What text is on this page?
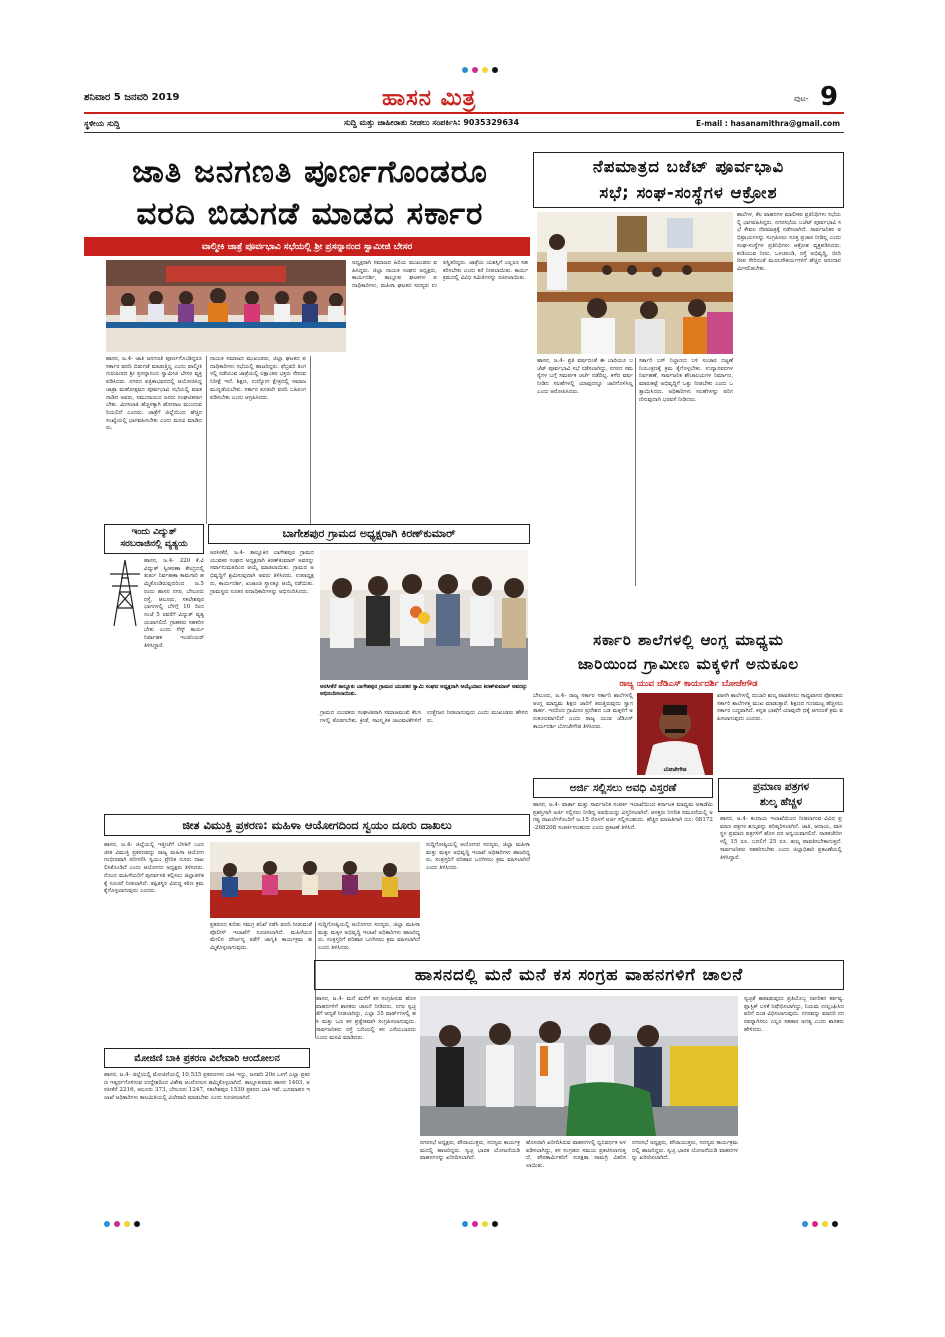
ಶನಿವಾರ 5 ಜನವರಿ 2019	ಹಾಸನ ಮಿತ್ರ	ಪುಟ- 9
ಸ್ಥಳೀಯ ಸುದ್ದಿ	ಸುದ್ದಿ ಮತ್ತು ಜಾಹೀರಾತು ನೀಡಲು ಸಂಪರ್ಕಿಸಿ: 9035329634	E-mail : hasanamithra@gmail.com
ಜಾತಿ ಜನಗಣತಿ ಪೂರ್ಣಗೊಂಡರೂ
ವರದಿ ಬಿಡುಗಡೆ ಮಾಡದ ಸರ್ಕಾರ
ವಾಲ್ಮೀಕಿ ಜಾತ್ರೆ ಪೂರ್ವಭಾವಿ ಸಭೆಯಲ್ಲಿ ಶ್ರೀ ಪ್ರಸನ್ನಾನಂದ ಸ್ವಾಮೀಜಿ ಬೇಸರ
ಹಾಸನ, ಜ.4- ಜಾತಿ ಜನಗಣತಿ ಪೂರ್ಣಗೊಂಡಿದ್ದರೂ ಸರ್ಕಾರ ವರದಿ ಬಿಡುಗಡೆ ಮಾಡುತ್ತಿಲ್ಲ ಎಂದು ವಾಲ್ಮೀಕಿ ಗುರುಪೀಠದ ಶ್ರೀ ಪ್ರಸನ್ನಾನಂದ ಸ್ವಾಮೀಜಿ ಬೇಸರ ವ್ಯಕ್ತಪಡಿಸಿದರು. ನಗರದ ಪತ್ರಿಕಾಭವನದಲ್ಲಿ ಆಯೋಜಿಸಿದ್ದ ಜಾತ್ರಾ ಮಹೋತ್ಸವದ ಪೂರ್ವಭಾವಿ ಸಭೆಯಲ್ಲಿ ಮಾತನಾಡಿದ ಅವರು, ಸಮುದಾಯದ ಜನರು ಸಂಘಟಿತರಾಗಬೇಕು. ಮೀಸಲಾತಿ ಹೆಚ್ಚಳಕ್ಕಾಗಿ ಹೋರಾಟ ಮುಂದುವರಿಯಲಿದೆ ಎಂದರು. ಜಾತ್ರೆಗೆ ಜಿಲ್ಲೆಯಿಂದ ಹೆಚ್ಚಿನ ಸಂಖ್ಯೆಯಲ್ಲಿ ಭಾಗವಹಿಸಬೇಕು ಎಂದು ಮನವಿ ಮಾಡಿದರು.
ನಾಯಕ ಸಮಾಜದ ಮುಖಂಡರು, ಜಿಲ್ಲಾ ಘಟಕದ ಪದಾಧಿಕಾರಿಗಳು ಸಭೆಯಲ್ಲಿ ಹಾಜರಿದ್ದರು. ಫೆಬ್ರವರಿ ತಿಂಗಳಲ್ಲಿ ನಡೆಯುವ ಜಾತ್ರೆಯಲ್ಲಿ ಲಕ್ಷಾಂತರ ಭಕ್ತರು ಸೇರುವ ನಿರೀಕ್ಷೆ ಇದೆ. ಶಿಕ್ಷಣ, ಉದ್ಯೋಗ ಕ್ಷೇತ್ರದಲ್ಲಿ ಸಮಾಜ ಮುನ್ನಡೆಯಬೇಕು. ಸರ್ಕಾರ ಕೂಡಲೇ ವರದಿ ಬಹಿರಂಗಪಡಿಸಬೇಕು ಎಂದು ಆಗ್ರಹಿಸಿದರು.
ಅಧ್ಯಕ್ಷರಾಗಿ ಸಮಾಜದ ಹಿರಿಯ ಮುಖಂಡರು ವಹಿಸಿದ್ದರು. ಜಿಲ್ಲಾ ನಾಯಕ ಸಂಘದ ಅಧ್ಯಕ್ಷರು, ಕಾರ್ಯದರ್ಶಿ, ತಾಲ್ಲೂಕು ಘಟಕಗಳ ಪದಾಧಿಕಾರಿಗಳು, ಮಹಿಳಾ ಘಟಕದ ಸದಸ್ಯರು ಉಪಸ್ಥಿತರಿದ್ದರು. ಜಾತ್ರೆಯ ಯಶಸ್ಸಿಗೆ ಎಲ್ಲರೂ ಸಹಕರಿಸಬೇಕು ಎಂದು ಕರೆ ನೀಡಲಾಯಿತು. ಕಾರ್ಯಕ್ರಮದಲ್ಲಿ ವಿವಿಧ ಸಮಿತಿಗಳನ್ನು ರಚಿಸಲಾಯಿತು.
ನೆಪಮಾತ್ರದ ಬಜೆಟ್ ಪೂರ್ವಭಾವಿ
ಸಭೆ; ಸಂಘ-ಸಂಸ್ಥೆಗಳ ಆಕ್ರೋಶ
ಶಾಲೆಗಳ, ಕೆಲ ವಾಹನಗಳ ಮಾಲೀಕರ ಪ್ರತಿನಿಧಿಗಳು ಸಭೆಯಲ್ಲಿ ಭಾಗವಹಿಸಿದ್ದರು. ನಗರಸಭೆಯ ಬಜೆಟ್ ಪೂರ್ವಭಾವಿ ಸಭೆ ಕೇವಲ ನೆಪಮಾತ್ರಕ್ಕೆ ನಡೆಸಲಾಗಿದೆ. ಸಾರ್ವಜನಿಕರ ಅಭಿಪ್ರಾಯಗಳನ್ನು ಸಂಗ್ರಹಿಸಲು ಸೂಕ್ತ ಪ್ರಚಾರ ನೀಡಿಲ್ಲ ಎಂದು ಸಂಘ-ಸಂಸ್ಥೆಗಳ ಪ್ರತಿನಿಧಿಗಳು ಆಕ್ರೋಶ ವ್ಯಕ್ತಪಡಿಸಿದರು. ಕುಡಿಯುವ ನೀರು, ಒಳಚರಂಡಿ, ರಸ್ತೆ ಅಭಿವೃದ್ಧಿ, ಬೀದಿ ದೀಪ ಸೇರಿದಂತೆ ಮೂಲಸೌಕರ್ಯಗಳಿಗೆ ಹೆಚ್ಚಿನ ಅನುದಾನ ಮೀಸಲಿಡಬೇಕು.
ಹಾಸನ, ಜ.4- ಪ್ರತಿ ವರ್ಷದಂತೆ ಈ ಬಾರಿಯೂ ಬಜೆಟ್ ಪೂರ್ವಭಾವಿ ಸಭೆ ನಡೆಸಲಾಗಿದ್ದು, ನಗರದ ಸಮಸ್ಯೆಗಳ ಬಗ್ಗೆ ಸಮರ್ಪಕ ಚರ್ಚೆ ನಡೆದಿಲ್ಲ. ಕಳೆದ ವರ್ಷ ನೀಡಿದ ಸಲಹೆಗಳಲ್ಲಿ ಯಾವುದನ್ನೂ ಜಾರಿಗೊಳಿಸಿಲ್ಲ ಎಂದು ಆರೋಪಿಸಿದರು.
ಸರ್ಕಾರಿ ಬಸ್ ನಿಲ್ದಾಣದ ಬಳಿ ಸಂಚಾರ ದಟ್ಟಣೆ ನಿಯಂತ್ರಣಕ್ಕೆ ಕ್ರಮ ಕೈಗೊಳ್ಳಬೇಕು. ಉದ್ಯಾನವನಗಳ ನಿರ್ವಹಣೆ, ಸಾರ್ವಜನಿಕ ಶೌಚಾಲಯಗಳ ನಿರ್ಮಾಣ, ಮಾರುಕಟ್ಟೆ ಅಭಿವೃದ್ಧಿಗೆ ಒತ್ತು ನೀಡಬೇಕು ಎಂದು ಒತ್ತಾಯಿಸಿದರು. ಅಧಿಕಾರಿಗಳು ಸಲಹೆಗಳನ್ನು ಪರಿಗಣಿಸುವುದಾಗಿ ಭರವಸೆ ನೀಡಿದರು.
ಸರ್ಕಾರಿ ಶಾಲೆಗಳಲ್ಲಿ ಆಂಗ್ಲ ಮಾಧ್ಯಮ
ಜಾರಿಯಿಂದ ಗ್ರಾಮೀಣ ಮಕ್ಕಳಿಗೆ ಅನುಕೂಲ
ರಾಜ್ಯ ಯುವ ಜೆಡಿಎಸ್ ಕಾರ್ಯದರ್ಶಿ ಬೋಜೇಗೌಡ
ಬೇಲೂರು, ಜ.4- ರಾಜ್ಯ ಸರ್ಕಾರ ಸರ್ಕಾರಿ ಶಾಲೆಗಳಲ್ಲಿ ಆಂಗ್ಲ ಮಾಧ್ಯಮ ಶಿಕ್ಷಣ ಜಾರಿಗೆ ತರುತ್ತಿರುವುದು ಸ್ವಾಗತಾರ್ಹ. ಇದರಿಂದ ಗ್ರಾಮೀಣ ಪ್ರದೇಶದ ಬಡ ಮಕ್ಕಳಿಗೆ ಅನುಕೂಲವಾಗಲಿದೆ ಎಂದು ರಾಜ್ಯ ಯುವ ಜೆಡಿಎಸ್ ಕಾರ್ಯದರ್ಶಿ ಬೋಜೇಗೌಡ ತಿಳಿಸಿದರು.
ಬೋಜೇಗೌಡ
ಖಾಸಗಿ ಶಾಲೆಗಳಲ್ಲಿ ದುಬಾರಿ ಶುಲ್ಕ ಪಾವತಿಸಲು ಸಾಧ್ಯವಾಗದ ಪೋಷಕರು ಸರ್ಕಾರಿ ಶಾಲೆಗಳತ್ತ ಮುಖ ಮಾಡುತ್ತಾರೆ. ಶಿಕ್ಷಣದ ಗುಣಮಟ್ಟ ಹೆಚ್ಚಿಸಲು ಸರ್ಕಾರ ಬದ್ಧವಾಗಿದೆ. ಕನ್ನಡ ಭಾಷೆಗೆ ಯಾವುದೇ ಧಕ್ಕೆ ಆಗದಂತೆ ಕ್ರಮ ವಹಿಸಲಾಗುವುದು ಎಂದರು.
ಇಂದು ವಿದ್ಯುತ್
ಸರಬರಾಜಿನಲ್ಲಿ ವ್ಯತ್ಯಯ
ಹಾಸನ, ಜ.4- 220 ಕೆ.ವಿ ವಿದ್ಯುತ್ ಸ್ವೀಕರಣಾ ಕೇಂದ್ರದಲ್ಲಿ ತುರ್ತು ನಿರ್ವಹಣಾ ಕಾಮಗಾರಿ ಹಮ್ಮಿಕೊಂಡಿರುವುದರಿಂದ ಜ.5 ರಂದು ಹಾಸನ ನಗರ, ಬೇಲೂರು ರಸ್ತೆ, ಆಲೂರು, ಸಕಲೇಶಪುರ ಭಾಗಗಳಲ್ಲಿ ಬೆಳಿಗ್ಗೆ 10 ರಿಂದ ಸಂಜೆ 5 ರವರೆಗೆ ವಿದ್ಯುತ್ ವ್ಯತ್ಯಯವಾಗಲಿದೆ. ಗ್ರಾಹಕರು ಸಹಕರಿಸಬೇಕು ಎಂದು ಸೆಸ್ಕ್ ಕಾರ್ಯನಿರ್ವಾಹಕ ಇಂಜಿನಿಯರ್ ತಿಳಿಸಿದ್ದಾರೆ.
ಬಾಗೇಶಪುರ ಗ್ರಾಮದ ಅಧ್ಯಕ್ಷರಾಗಿ ಕಿರಣ್‌ಕುಮಾರ್
ಅರಸೀಕೆರೆ, ಜ.4- ತಾಲ್ಲೂಕಿನ ಬಾಗೇಶಪುರ ಗ್ರಾಮದ ಯುವಕರ ಸಂಘದ ಅಧ್ಯಕ್ಷರಾಗಿ ಕಿರಣ್‌ಕುಮಾರ್ ಅವರನ್ನು ಸರ್ವಾನುಮತದಿಂದ ಆಯ್ಕೆ ಮಾಡಲಾಯಿತು. ಗ್ರಾಮದ ಅಭಿವೃದ್ಧಿಗೆ ಶ್ರಮಿಸುವುದಾಗಿ ಅವರು ತಿಳಿಸಿದರು. ಉಪಾಧ್ಯಕ್ಷರು, ಕಾರ್ಯದರ್ಶಿ, ಖಜಾಂಚಿ ಸ್ಥಾನಕ್ಕೂ ಆಯ್ಕೆ ನಡೆಯಿತು. ಗ್ರಾಮಸ್ಥರು ನೂತನ ಪದಾಧಿಕಾರಿಗಳನ್ನು ಅಭಿನಂದಿಸಿದರು.
ಅರಸೀಕೆರೆ ತಾಲ್ಲೂಕು ಬಾಗೇಶಪುರ ಗ್ರಾಮದ ಯುವಕರ ಸ್ವಾಮಿ ಸಂಘದ ಅಧ್ಯಕ್ಷರಾಗಿ ಆಯ್ಕೆಯಾದ ಕಿರಣ್‌ಕುಮಾರ್ ಅವರನ್ನು ಅಭಿನಂದಿಸಲಾಯಿತು.
ಗ್ರಾಮದ ಯುವಕರು ಸಂಘಟಿತರಾಗಿ ಸಮಾಜಮುಖಿ ಕೆಲಸಗಳಲ್ಲಿ ತೊಡಗಬೇಕು. ಕ್ರೀಡೆ, ಸಾಂಸ್ಕೃತಿಕ ಚಟುವಟಿಕೆಗಳಿಗೆ ಉತ್ತೇಜನ ನೀಡಲಾಗುವುದು ಎಂದು ಮುಖಂಡರು ಹೇಳಿದರು.
ಜೀತ ವಿಮುಕ್ತಿ ಪ್ರಕರಣ: ಮಹಿಳಾ ಆಯೋಗದಿಂದ ಸ್ವಯಂ ದೂರು ದಾಖಲು
ಹಾಸನ, ಜ.4- ಜಿಲ್ಲೆಯಲ್ಲಿ ಇತ್ತೀಚೆಗೆ ಬೆಳಕಿಗೆ ಬಂದ ಜೀತ ವಿಮುಕ್ತಿ ಪ್ರಕರಣವನ್ನು ರಾಜ್ಯ ಮಹಿಳಾ ಆಯೋಗ ಗಂಭೀರವಾಗಿ ಪರಿಗಣಿಸಿ ಸ್ವಯಂ ಪ್ರೇರಿತ ದೂರು ದಾಖಲಿಸಿಕೊಂಡಿದೆ ಎಂದು ಆಯೋಗದ ಅಧ್ಯಕ್ಷರು ತಿಳಿಸಿದರು. ನೊಂದ ಮಹಿಳೆಯರಿಗೆ ಪುನರ್ವಸತಿ ಕಲ್ಪಿಸಲು ಜಿಲ್ಲಾಡಳಿತಕ್ಕೆ ಸೂಚನೆ ನೀಡಲಾಗಿದೆ. ತಪ್ಪಿತಸ್ಥರ ವಿರುದ್ಧ ಕಠಿಣ ಕ್ರಮ ಕೈಗೊಳ್ಳಲಾಗುವುದು ಎಂದರು.
ಪ್ರಕರಣದ ಕುರಿತು ಸಮಗ್ರ ತನಿಖೆ ನಡೆಸಿ ವರದಿ ನೀಡುವಂತೆ ಪೊಲೀಸ್ ಇಲಾಖೆಗೆ ಸೂಚಿಸಲಾಗಿದೆ. ಮಹಿಳೆಯರ ಮೇಲಿನ ದೌರ್ಜನ್ಯ ತಡೆಗೆ ಜಾಗೃತಿ ಕಾರ್ಯಕ್ರಮ ಹಮ್ಮಿಕೊಳ್ಳಲಾಗುವುದು.
ಸುದ್ದಿಗೋಷ್ಠಿಯಲ್ಲಿ ಆಯೋಗದ ಸದಸ್ಯರು, ಜಿಲ್ಲಾ ಮಹಿಳಾ ಮತ್ತು ಮಕ್ಕಳ ಅಭಿವೃದ್ಧಿ ಇಲಾಖೆ ಅಧಿಕಾರಿಗಳು ಹಾಜರಿದ್ದರು. ಸಂತ್ರಸ್ತರಿಗೆ ಪರಿಹಾರ ಒದಗಿಸಲು ಕ್ರಮ ವಹಿಸಲಾಗಿದೆ ಎಂದು ತಿಳಿಸಿದರು.
ಸುದ್ದಿಗೋಷ್ಠಿಯಲ್ಲಿ ಆಯೋಗದ ಸದಸ್ಯರು, ಜಿಲ್ಲಾ ಮಹಿಳಾ ಮತ್ತು ಮಕ್ಕಳ ಅಭಿವೃದ್ಧಿ ಇಲಾಖೆ ಅಧಿಕಾರಿಗಳು ಹಾಜರಿದ್ದರು. ಸಂತ್ರಸ್ತರಿಗೆ ಪರಿಹಾರ ಒದಗಿಸಲು ಕ್ರಮ ವಹಿಸಲಾಗಿದೆ ಎಂದು ತಿಳಿಸಿದರು.
ಅರ್ಜಿ ಸಲ್ಲಿಸಲು ಅವಧಿ ವಿಸ್ತರಣೆ
ಹಾಸನ, ಜ.4- ವಾರ್ತಾ ಮತ್ತು ಸಾರ್ವಜನಿಕ ಸಂಪರ್ಕ ಇಲಾಖೆಯಿಂದ ಕರ್ನಾಟಕ ಮಾಧ್ಯಮ ಅಕಾಡೆಮಿ ಪ್ರಶಸ್ತಿಗಾಗಿ ಅರ್ಜಿ ಸಲ್ಲಿಸಲು ನೀಡಿದ್ದ ಅವಧಿಯನ್ನು ವಿಸ್ತರಿಸಲಾಗಿದೆ. ಆಸಕ್ತರು ನಿಗದಿತ ನಮೂನೆಯಲ್ಲಿ ಅಗತ್ಯ ದಾಖಲೆಗಳೊಂದಿಗೆ ಜ.15 ರೊಳಗೆ ಅರ್ಜಿ ಸಲ್ಲಿಸಬಹುದು. ಹೆಚ್ಚಿನ ಮಾಹಿತಿಗಾಗಿ ದೂ: 08172-268208 ಸಂಪರ್ಕಿಸಬಹುದು ಎಂದು ಪ್ರಕಟಣೆ ತಿಳಿಸಿದೆ.
ಪ್ರಮಾಣ ಪತ್ರಗಳ
ಶುಲ್ಕ ಹೆಚ್ಚಳ
ಹಾಸನ, ಜ.4- ಕಂದಾಯ ಇಲಾಖೆಯಿಂದ ನೀಡಲಾಗುವ ವಿವಿಧ ಪ್ರಮಾಣ ಪತ್ರಗಳ ಶುಲ್ಕವನ್ನು ಪರಿಷ್ಕರಿಸಲಾಗಿದೆ. ಜಾತಿ, ಆದಾಯ, ವಾಸಸ್ಥಳ ಪ್ರಮಾಣ ಪತ್ರಗಳಿಗೆ ಹೊಸ ದರ ಅನ್ವಯವಾಗಲಿದೆ. ನಾಡಕಚೇರಿಗಳಲ್ಲಿ 15 ರೂ. ಬದಲಿಗೆ 25 ರೂ. ಶುಲ್ಕ ಪಾವತಿಸಬೇಕಾಗುತ್ತದೆ. ಸಾರ್ವಜನಿಕರು ಸಹಕರಿಸಬೇಕು ಎಂದು ಜಿಲ್ಲಾಧಿಕಾರಿ ಪ್ರಕಟಣೆಯಲ್ಲಿ ತಿಳಿಸಿದ್ದಾರೆ.
ಹಾಸನದಲ್ಲಿ ಮನೆ ಮನೆ ಕಸ ಸಂಗ್ರಹ ವಾಹನಗಳಿಗೆ ಚಾಲನೆ
ಹಾಸನ, ಜ.4- ಮನೆ ಮನೆಗೆ ಕಸ ಸಂಗ್ರಹಿಸುವ ಹೊಸ ವಾಹನಗಳಿಗೆ ಶಾಸಕರು ಚಾಲನೆ ನೀಡಿದರು. ನಗರ ಸ್ವಚ್ಛತೆಗೆ ಆದ್ಯತೆ ನೀಡಲಾಗಿದ್ದು, ಎಲ್ಲಾ 35 ವಾರ್ಡ್‌ಗಳಲ್ಲಿ ಹಸಿ ಮತ್ತು ಒಣ ಕಸ ಪ್ರತ್ಯೇಕವಾಗಿ ಸಂಗ್ರಹಿಸಲಾಗುವುದು. ಸಾರ್ವಜನಿಕರು ರಸ್ತೆ ಬದಿಯಲ್ಲಿ ಕಸ ಎಸೆಯಬಾರದು ಎಂದು ಮನವಿ ಮಾಡಿದರು.
ನಗರಸಭೆ ಅಧ್ಯಕ್ಷರು, ಪೌರಾಯುಕ್ತರು, ಸದಸ್ಯರು ಕಾರ್ಯಕ್ರಮದಲ್ಲಿ ಹಾಜರಿದ್ದರು. ಸ್ವಚ್ಛ ಭಾರತ ಯೋಜನೆಯಡಿ ವಾಹನಗಳನ್ನು ಖರೀದಿಸಲಾಗಿದೆ.
ಹೊಸದಾಗಿ ಖರೀದಿಸಿರುವ ವಾಹನಗಳಲ್ಲಿ ಧ್ವನಿವರ್ಧಕ ಅಳವಡಿಸಲಾಗಿದ್ದು, ಕಸ ಸಂಗ್ರಹದ ಸಮಯ ಪ್ರಕಟಿಸಲಾಗುತ್ತದೆ. ಪೌರಕಾರ್ಮಿಕರಿಗೆ ಸುರಕ್ಷತಾ ಸಾಮಗ್ರಿ ವಿತರಿಸಲಾಯಿತು.
ನಗರಸಭೆ ಅಧ್ಯಕ್ಷರು, ಪೌರಾಯುಕ್ತರು, ಸದಸ್ಯರು ಕಾರ್ಯಕ್ರಮದಲ್ಲಿ ಹಾಜರಿದ್ದರು. ಸ್ವಚ್ಛ ಭಾರತ ಯೋಜನೆಯಡಿ ವಾಹನಗಳನ್ನು ಖರೀದಿಸಲಾಗಿದೆ.
ಸ್ವಚ್ಛತೆ ಕಾಪಾಡುವುದು ಪ್ರತಿಯೊಬ್ಬ ನಾಗರಿಕನ ಕರ್ತವ್ಯ. ಪ್ಲಾಸ್ಟಿಕ್ ಬಳಕೆ ನಿಷೇಧಿಸಲಾಗಿದ್ದು, ನಿಯಮ ಉಲ್ಲಂಘಿಸಿದವರಿಗೆ ದಂಡ ವಿಧಿಸಲಾಗುವುದು. ನಗರವನ್ನು ಮಾದರಿ ನಗರವನ್ನಾಗಿಸಲು ಎಲ್ಲರ ಸಹಕಾರ ಅಗತ್ಯ ಎಂದು ಶಾಸಕರು ಹೇಳಿದರು.
ಮೋಜಿಣಿ ಬಾಕಿ ಪ್ರಕರಣ ವಿಲೇವಾರಿ ಆಂದೋಲನ
ಹಾಸನ, ಜ.4- ಜಿಲ್ಲೆಯಲ್ಲಿ ಮೋಜಿಣಿಯಲ್ಲಿ 10,535 ಪ್ರಕರಣಗಳು ಬಾಕಿ ಇದ್ದು, ಜನವರಿ 20ರ ಒಳಗೆ ಎಲ್ಲಾ ಪ್ರಕರಣ ಇತ್ಯರ್ಥಗೊಳಿಸುವ ಉದ್ದೇಶದಿಂದ ವಿಶೇಷ ಆಂದೋಲನ ಹಮ್ಮಿಕೊಳ್ಳಲಾಗಿದೆ. ತಾಲ್ಲೂಕುವಾರು ಹಾಸನ 1403, ಅರಸೀಕೆರೆ 2216, ಆಲೂರು 373, ಬೇಲೂರು 1247, ಸಕಲೇಶಪುರ 1539 ಪ್ರಕರಣ ಬಾಕಿ ಇವೆ. ಭೂಮಾಪನ ಇಲಾಖೆ ಅಧಿಕಾರಿಗಳು ಕಾಲಮಿತಿಯಲ್ಲಿ ವಿಲೇವಾರಿ ಮಾಡಬೇಕು ಎಂದು ಸೂಚಿಸಲಾಗಿದೆ.
